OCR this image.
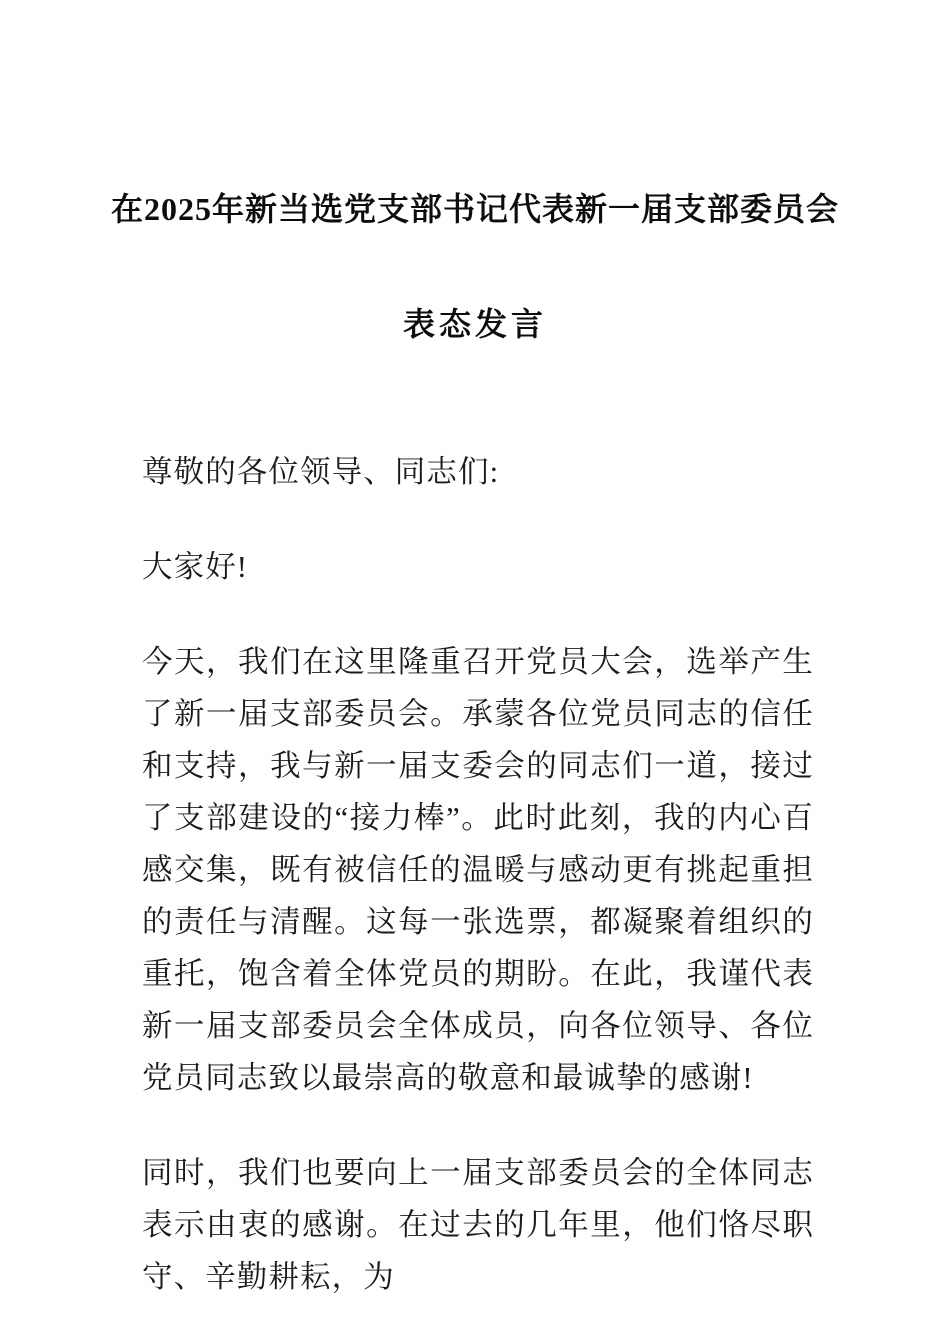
在2025年新当选党支部书记代表新一届支部委员会
表态发言

尊敬的各位领导、同志们:

大家好!

今天，我们在这里隆重召开党员大会，选举产生了新一届支部委员会。承蒙各位党员同志的信任和支持，我与新一届支委会的同志们一道，接过了支部建设的“接力棒”。此时此刻，我的内心百感交集，既有被信任的温暖与感动更有挑起重担的责任与清醒。这每一张选票，都凝聚着组织的重托，饱含着全体党员的期盼。在此，我谨代表新一届支部委员会全体成员，向各位领导、各位党员同志致以最崇高的敬意和最诚挚的感谢!

同时，我们也要向上一届支部委员会的全体同志表示由衷的感谢。在过去的几年里，他们恪尽职守、辛勤耕耘，为
